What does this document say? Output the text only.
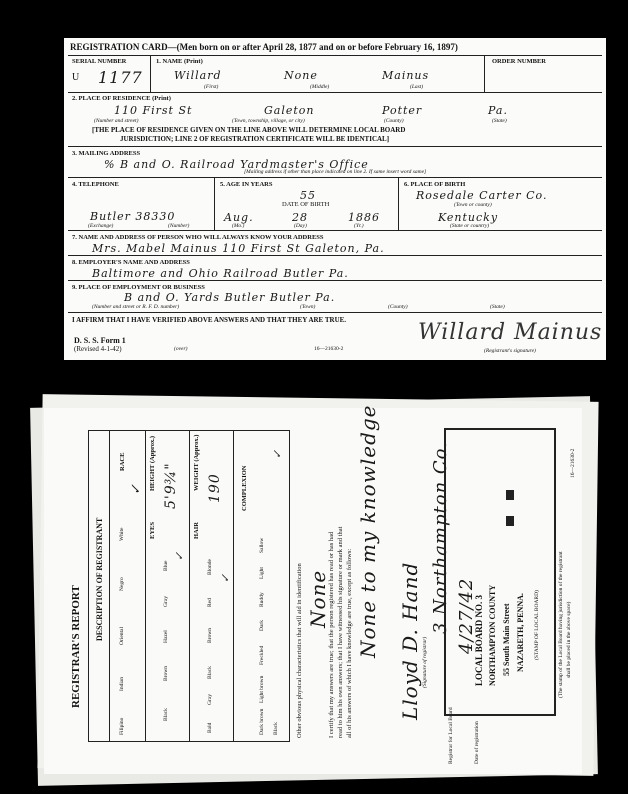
REGISTRATION CARD—(Men born on or after April 28, 1877 and on or before February 16, 1897)
SERIAL NUMBER
U 1177
1. NAME (Print)
Willard	None	Mainus
(First)	(Middle)	(Last)
ORDER NUMBER
2. PLACE OF RESIDENCE (Print)
110 First St	Galeton	Potter	Pa.
(Number and street)	(Town, township, village, or city)	(County)	(State)
[THE PLACE OF RESIDENCE GIVEN ON THE LINE ABOVE WILL DETERMINE LOCAL BOARD
JURISDICTION; LINE 2 OF REGISTRATION CERTIFICATE WILL BE IDENTICAL]
3. MAILING ADDRESS
% B and O. Railroad Yardmaster's Office
[Mailing address if other than place indicated on line 2. If same insert word same]
4. TELEPHONE
Butler 38330
(Exchange)	(Number)
5. AGE IN YEARS
55
DATE OF BIRTH
Aug.	28	1886
(Mo.)	(Day)	(Yr.)
6. PLACE OF BIRTH
Rosedale Carter Co.
(Town or county)
Kentucky
(State or country)
7. NAME AND ADDRESS OF PERSON WHO WILL ALWAYS KNOW YOUR ADDRESS
Mrs. Mabel Mainus 110 First St Galeton, Pa.
8. EMPLOYER'S NAME AND ADDRESS
Baltimore and Ohio Railroad Butler Pa.
9. PLACE OF EMPLOYMENT OR BUSINESS
B and O. Yards Butler Butler Pa.
(Number and street or R. F. D. number)	(Town)	(County)	(State)
I AFFIRM THAT I HAVE VERIFIED ABOVE ANSWERS AND THAT THEY ARE TRUE.	Willard Mainus
(Registrant's signature)
D. S. S. Form 1
(Revised 4-1-42)	(over)	16—21630-2
REGISTRAR'S REPORT
DESCRIPTION OF REGISTRANT
RACE
White
✓
Negro
Oriental
Indian
Filipino
HEIGHT (Approx.) 5'9¾"
EYES
Blue
Gray
Hazel
Brown
Black
✓
WEIGHT (Approx.) 190
HAIR
Blonde
Red
Brown
Black
Gray
Bald
✓
COMPLEXION
Sallow
✓
Light
Ruddy
Dark
Freckled
Light brown
Dark brown Black	Other obvious physical characteristics that will aid in identification None
I certify that my answers are true; that the person registered has read or has had read to him his own answers; that I have witnessed his signature or mark and that all of his answers of which I have knowledge are true, except as follows: None to my knowledge Lloyd D. Hand (Signature of registrar)
3 Northampton Co.
Registrar for Local Board
4/27/42
Date of registration
LOCAL BOARD NO. 3 NORTHAMPTON COUNTY 55 South Main Street NAZARETH, PENNA. (STAMP OF LOCAL BOARD)	(The stamp of the Local Board having jurisdiction of the registrant shall be placed in the above space)
16—21630-2
